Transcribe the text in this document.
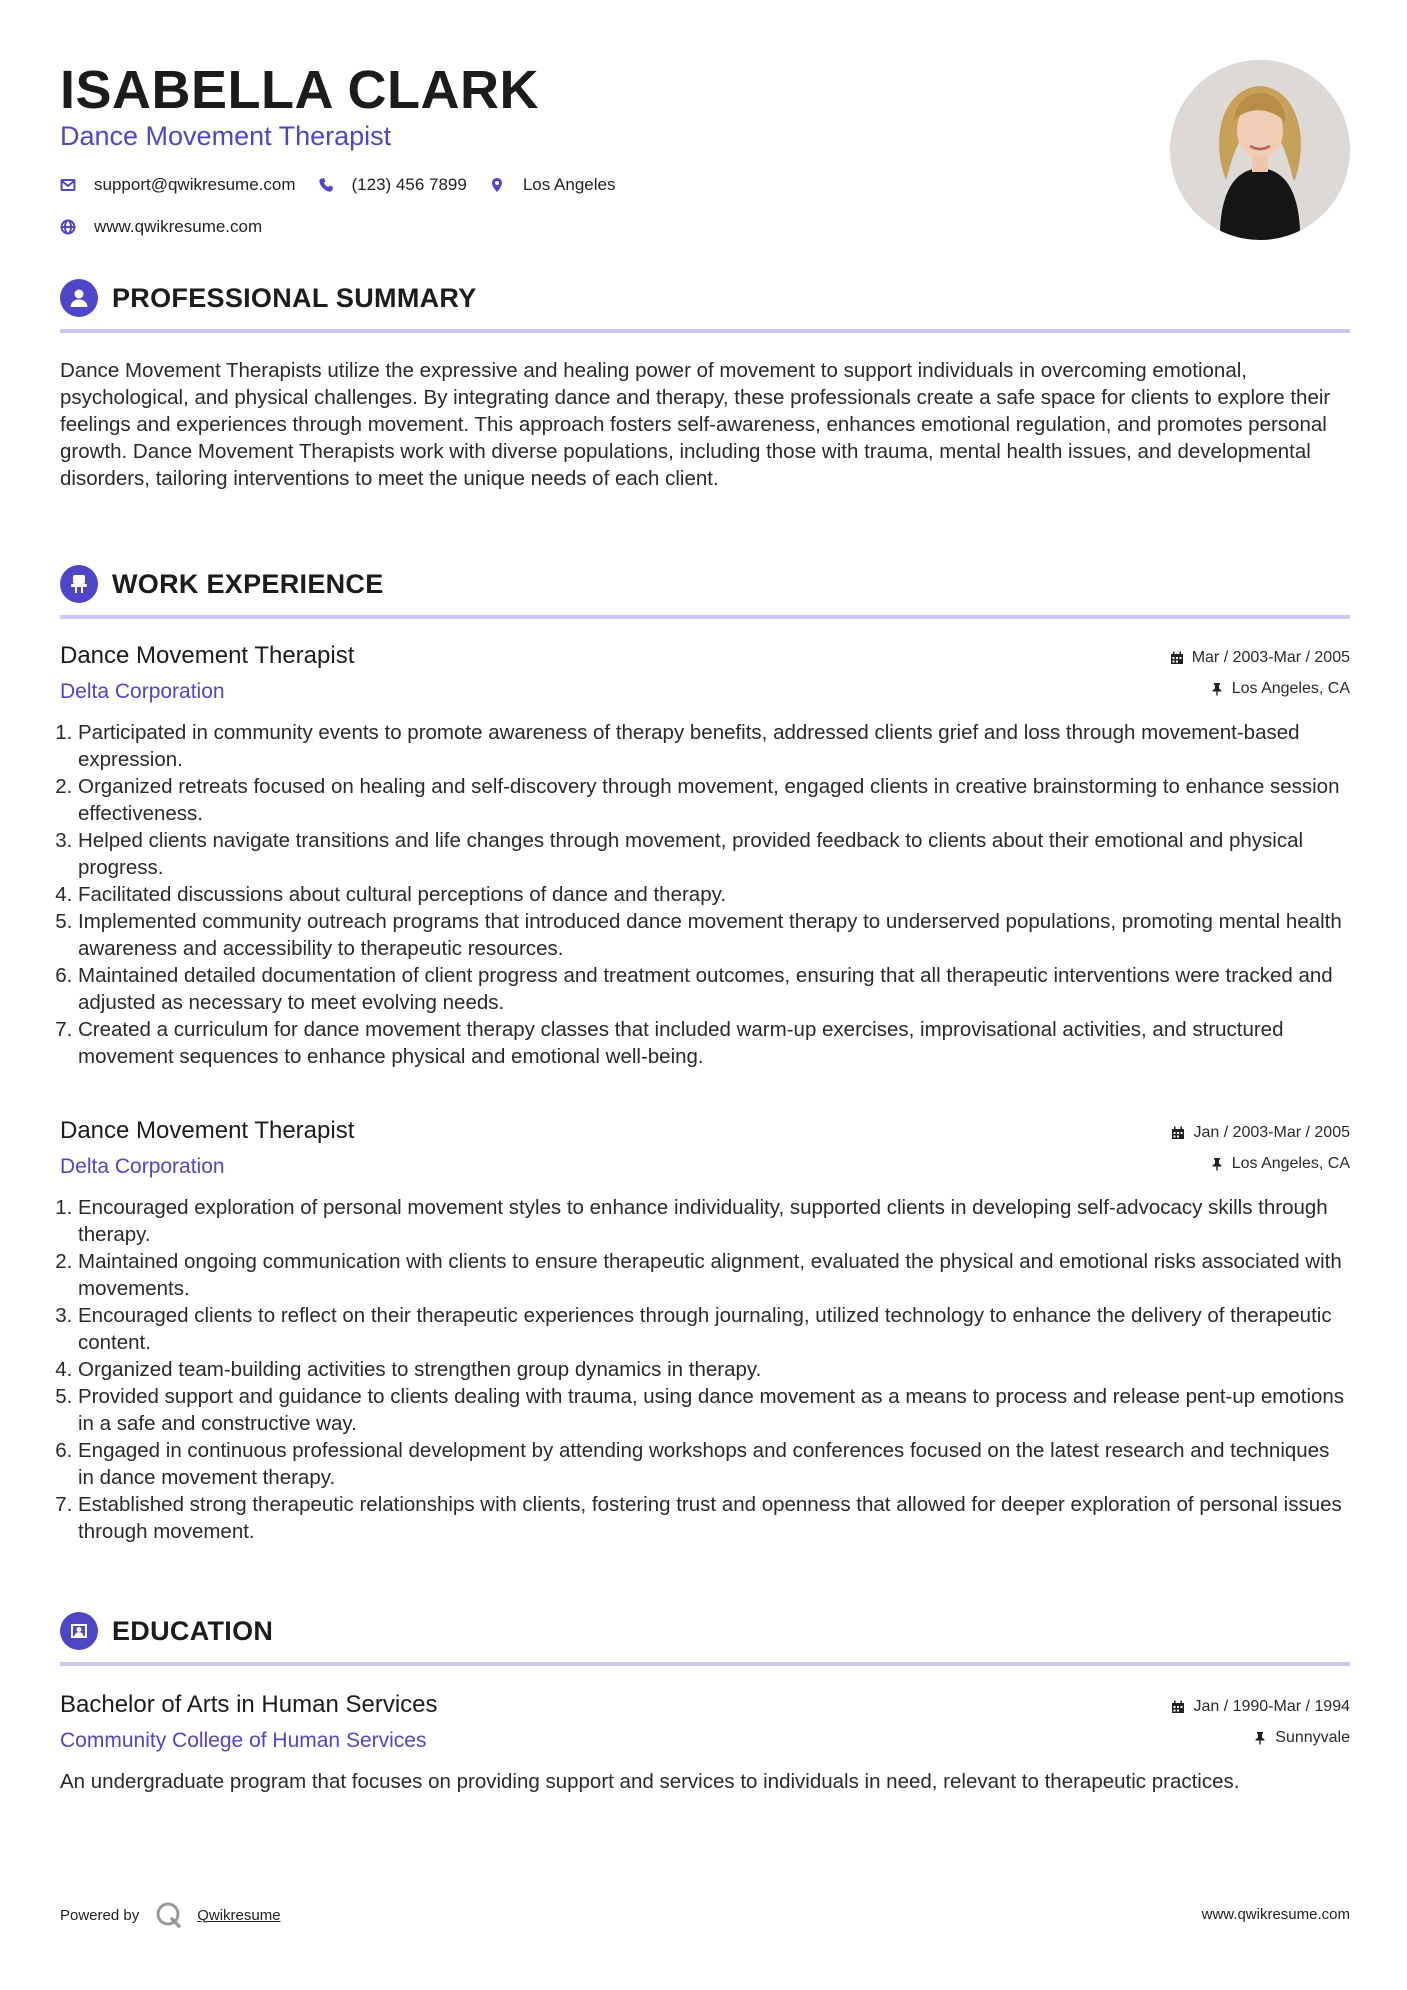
ISABELLA CLARK
Dance Movement Therapist
support@qwikresume.com	(123) 456 7899	Los Angeles
www.qwikresume.com
PROFESSIONAL SUMMARY
Dance Movement Therapists utilize the expressive and healing power of movement to support individuals in overcoming emotional, psychological, and physical challenges. By integrating dance and therapy, these professionals create a safe space for clients to explore their feelings and experiences through movement. This approach fosters self-awareness, enhances emotional regulation, and promotes personal growth. Dance Movement Therapists work with diverse populations, including those with trauma, mental health issues, and developmental disorders, tailoring interventions to meet the unique needs of each client.
WORK EXPERIENCE
Dance Movement Therapist
Delta Corporation
Mar / 2003-Mar / 2005
Los Angeles, CA
1. Participated in community events to promote awareness of therapy benefits, addressed clients grief and loss through movement-based expression.
2. Organized retreats focused on healing and self-discovery through movement, engaged clients in creative brainstorming to enhance session effectiveness.
3. Helped clients navigate transitions and life changes through movement, provided feedback to clients about their emotional and physical progress.
4. Facilitated discussions about cultural perceptions of dance and therapy.
5. Implemented community outreach programs that introduced dance movement therapy to underserved populations, promoting mental health awareness and accessibility to therapeutic resources.
6. Maintained detailed documentation of client progress and treatment outcomes, ensuring that all therapeutic interventions were tracked and adjusted as necessary to meet evolving needs.
7. Created a curriculum for dance movement therapy classes that included warm-up exercises, improvisational activities, and structured movement sequences to enhance physical and emotional well-being.
Dance Movement Therapist
Delta Corporation
Jan / 2003-Mar / 2005
Los Angeles, CA
1. Encouraged exploration of personal movement styles to enhance individuality, supported clients in developing self-advocacy skills through therapy.
2. Maintained ongoing communication with clients to ensure therapeutic alignment, evaluated the physical and emotional risks associated with movements.
3. Encouraged clients to reflect on their therapeutic experiences through journaling, utilized technology to enhance the delivery of therapeutic content.
4. Organized team-building activities to strengthen group dynamics in therapy.
5. Provided support and guidance to clients dealing with trauma, using dance movement as a means to process and release pent-up emotions in a safe and constructive way.
6. Engaged in continuous professional development by attending workshops and conferences focused on the latest research and techniques in dance movement therapy.
7. Established strong therapeutic relationships with clients, fostering trust and openness that allowed for deeper exploration of personal issues through movement.
EDUCATION
Bachelor of Arts in Human Services
Community College of Human Services
Jan / 1990-Mar / 1994
Sunnyvale
An undergraduate program that focuses on providing support and services to individuals in need, relevant to therapeutic practices.
Powered by	Qwikresume	www.qwikresume.com
